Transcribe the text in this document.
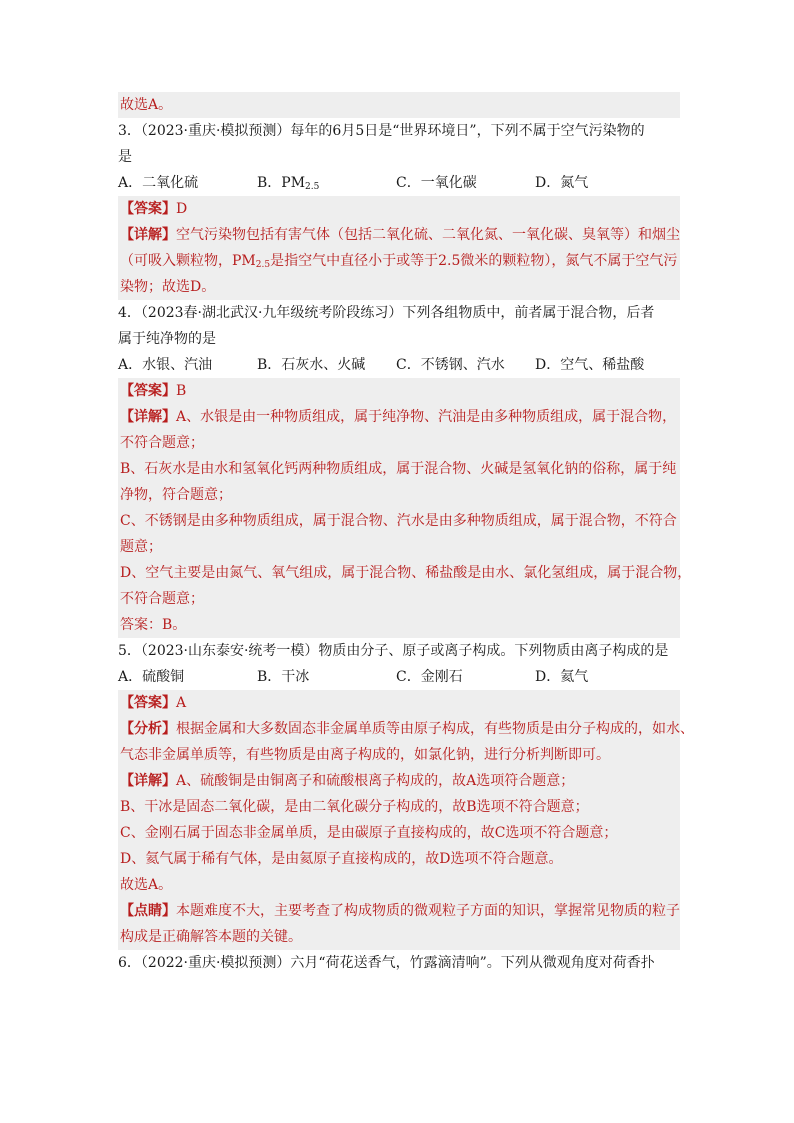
故选A。
3．（2023·重庆·模拟预测）每年的6月5日是“世界环境日”，下列不属于空气污染物的
是
A．二氧化硫	B．PM2.5	C．一氧化碳	D．氮气
【答案】D
【详解】空气污染物包括有害气体（包括二氧化硫、二氧化氮、一氧化碳、臭氧等）和烟尘
（可吸入颗粒物，PM2.5是指空气中直径小于或等于2.5微米的颗粒物），氮气不属于空气污
染物；故选D。
4．（2023春·湖北武汉·九年级统考阶段练习）下列各组物质中，前者属于混合物，后者
属于纯净物的是
A．水银、汽油	B．石灰水、火碱	C．不锈钢、汽水	D．空气、稀盐酸
【答案】B
【详解】A、水银是由一种物质组成，属于纯净物、汽油是由多种物质组成，属于混合物，
不符合题意；
B、石灰水是由水和氢氧化钙两种物质组成，属于混合物、火碱是氢氧化钠的俗称，属于纯
净物，符合题意；
C、不锈钢是由多种物质组成，属于混合物、汽水是由多种物质组成，属于混合物，不符合
题意；
D、空气主要是由氮气、氧气组成，属于混合物、稀盐酸是由水、氯化氢组成，属于混合物，
不符合题意；
答案：B。
5．（2023·山东泰安·统考一模）物质由分子、原子或离子构成。下列物质由离子构成的是
A．硫酸铜	B．干冰	C．金刚石	D．氦气
【答案】A
【分析】根据金属和大多数固态非金属单质等由原子构成，有些物质是由分子构成的，如水、
气态非金属单质等，有些物质是由离子构成的，如氯化钠，进行分析判断即可。
【详解】A、硫酸铜是由铜离子和硫酸根离子构成的，故A选项符合题意；
B、干冰是固态二氧化碳，是由二氧化碳分子构成的，故B选项不符合题意；
C、金刚石属于固态非金属单质，是由碳原子直接构成的，故C选项不符合题意；
D、氦气属于稀有气体，是由氦原子直接构成的，故D选项不符合题意。
故选A。
【点睛】本题难度不大，主要考查了构成物质的微观粒子方面的知识，掌握常见物质的粒子
构成是正确解答本题的关键。
6．（2022·重庆·模拟预测）六月“荷花送香气，竹露滴清响”。下列从微观角度对荷香扑
